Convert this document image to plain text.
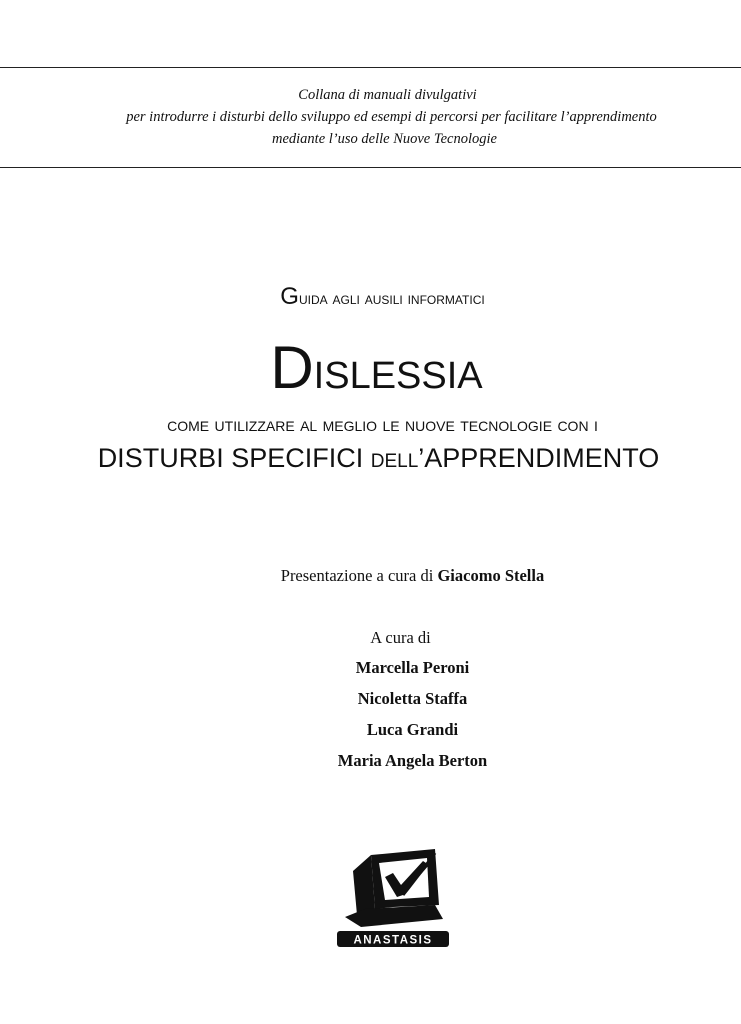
Collana di manuali divulgativi
per introdurre i disturbi dello sviluppo ed esempi di percorsi per facilitare l’apprendimento
mediante l’uso delle Nuove Tecnologie
Guida agli ausili informatici
Dislessia
come utilizzare al meglio le nuove tecnologie con i
DISTURBI SPECIFICI dell’APPRENDIMENTO
Presentazione a cura di Giacomo Stella
A cura di
Marcella Peroni
Nicoletta Staffa
Luca Grandi
Maria Angela Berton
ANASTASIS
